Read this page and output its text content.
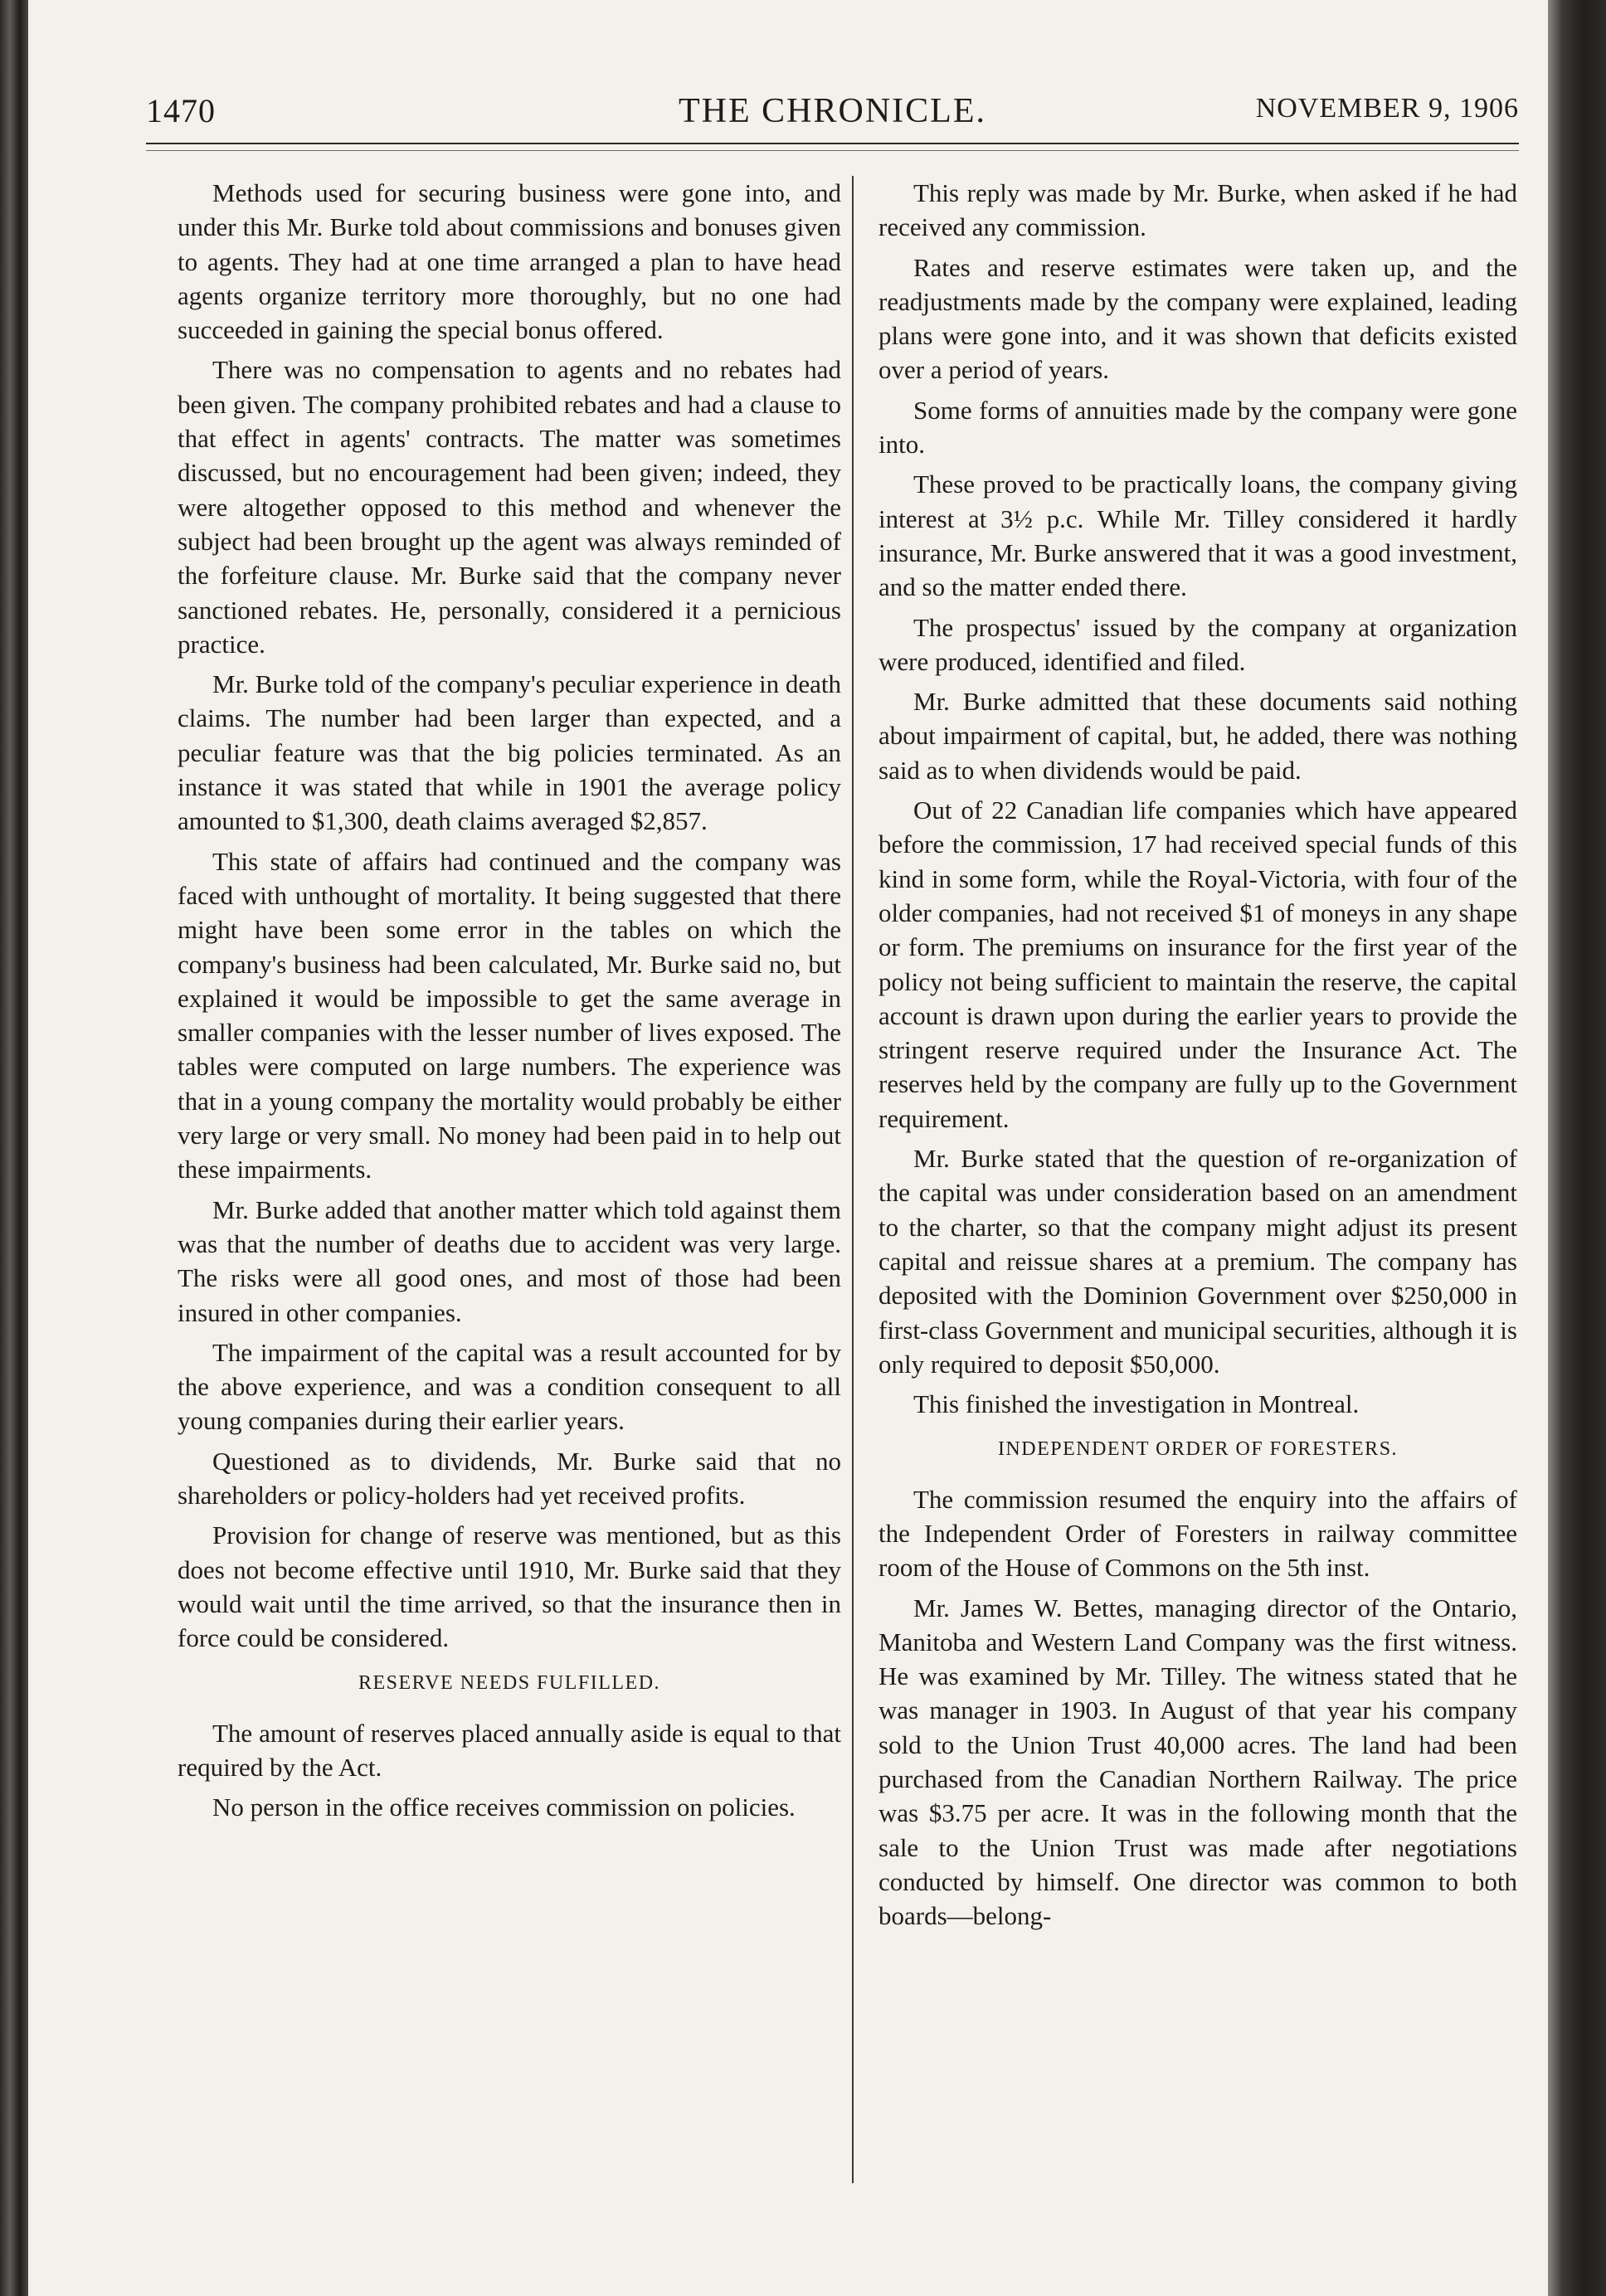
1470	THE CHRONICLE.	NOVEMBER 9, 1906

Methods used for securing business were gone into, and under this Mr. Burke told about commissions and bonuses given to agents. They had at one time arranged a plan to have head agents organize territory more thoroughly, but no one had succeeded in gaining the special bonus offered.

There was no compensation to agents and no rebates had been given. The company prohibited rebates and had a clause to that effect in agents' contracts. The matter was sometimes discussed, but no encouragement had been given; indeed, they were altogether opposed to this method and whenever the subject had been brought up the agent was always reminded of the forfeiture clause. Mr. Burke said that the company never sanctioned rebates. He, personally, considered it a pernicious practice.

Mr. Burke told of the company's peculiar experience in death claims. The number had been larger than expected, and a peculiar feature was that the big policies terminated. As an instance it was stated that while in 1901 the average policy amounted to $1,300, death claims averaged $2,857.

This state of affairs had continued and the company was faced with unthought of mortality. It being suggested that there might have been some error in the tables on which the company's business had been calculated, Mr. Burke said no, but explained it would be impossible to get the same average in smaller companies with the lesser number of lives exposed. The tables were computed on large numbers. The experience was that in a young company the mortality would probably be either very large or very small. No money had been paid in to help out these impairments.

Mr. Burke added that another matter which told against them was that the number of deaths due to accident was very large. The risks were all good ones, and most of those had been insured in other companies.

The impairment of the capital was a result accounted for by the above experience, and was a condition consequent to all young companies during their earlier years.

Questioned as to dividends, Mr. Burke said that no shareholders or policy-holders had yet received profits.

Provision for change of reserve was mentioned, but as this does not become effective until 1910, Mr. Burke said that they would wait until the time arrived, so that the insurance then in force could be considered.

RESERVE NEEDS FULFILLED.

The amount of reserves placed annually aside is equal to that required by the Act.

No person in the office receives commission on policies.

This reply was made by Mr. Burke, when asked if he had received any commission.

Rates and reserve estimates were taken up, and the readjustments made by the company were explained, leading plans were gone into, and it was shown that deficits existed over a period of years.

Some forms of annuities made by the company were gone into.

These proved to be practically loans, the company giving interest at 3½ p.c. While Mr. Tilley considered it hardly insurance, Mr. Burke answered that it was a good investment, and so the matter ended there.

The prospectus' issued by the company at organization were produced, identified and filed.

Mr. Burke admitted that these documents said nothing about impairment of capital, but, he added, there was nothing said as to when dividends would be paid.

Out of 22 Canadian life companies which have appeared before the commission, 17 had received special funds of this kind in some form, while the Royal-Victoria, with four of the older companies, had not received $1 of moneys in any shape or form. The premiums on insurance for the first year of the policy not being sufficient to maintain the reserve, the capital account is drawn upon during the earlier years to provide the stringent reserve required under the Insurance Act. The reserves held by the company are fully up to the Government requirement.

Mr. Burke stated that the question of re-organization of the capital was under consideration based on an amendment to the charter, so that the company might adjust its present capital and reissue shares at a premium. The company has deposited with the Dominion Government over $250,000 in first-class Government and municipal securities, although it is only required to deposit $50,000.

This finished the investigation in Montreal.

INDEPENDENT ORDER OF FORESTERS.

The commission resumed the enquiry into the affairs of the Independent Order of Foresters in railway committee room of the House of Commons on the 5th inst.

Mr. James W. Bettes, managing director of the Ontario, Manitoba and Western Land Company was the first witness. He was examined by Mr. Tilley. The witness stated that he was manager in 1903. In August of that year his company sold to the Union Trust 40,000 acres. The land had been purchased from the Canadian Northern Railway. The price was $3.75 per acre. It was in the following month that the sale to the Union Trust was made after negotiations conducted by himself. One director was common to both boards—belong-
